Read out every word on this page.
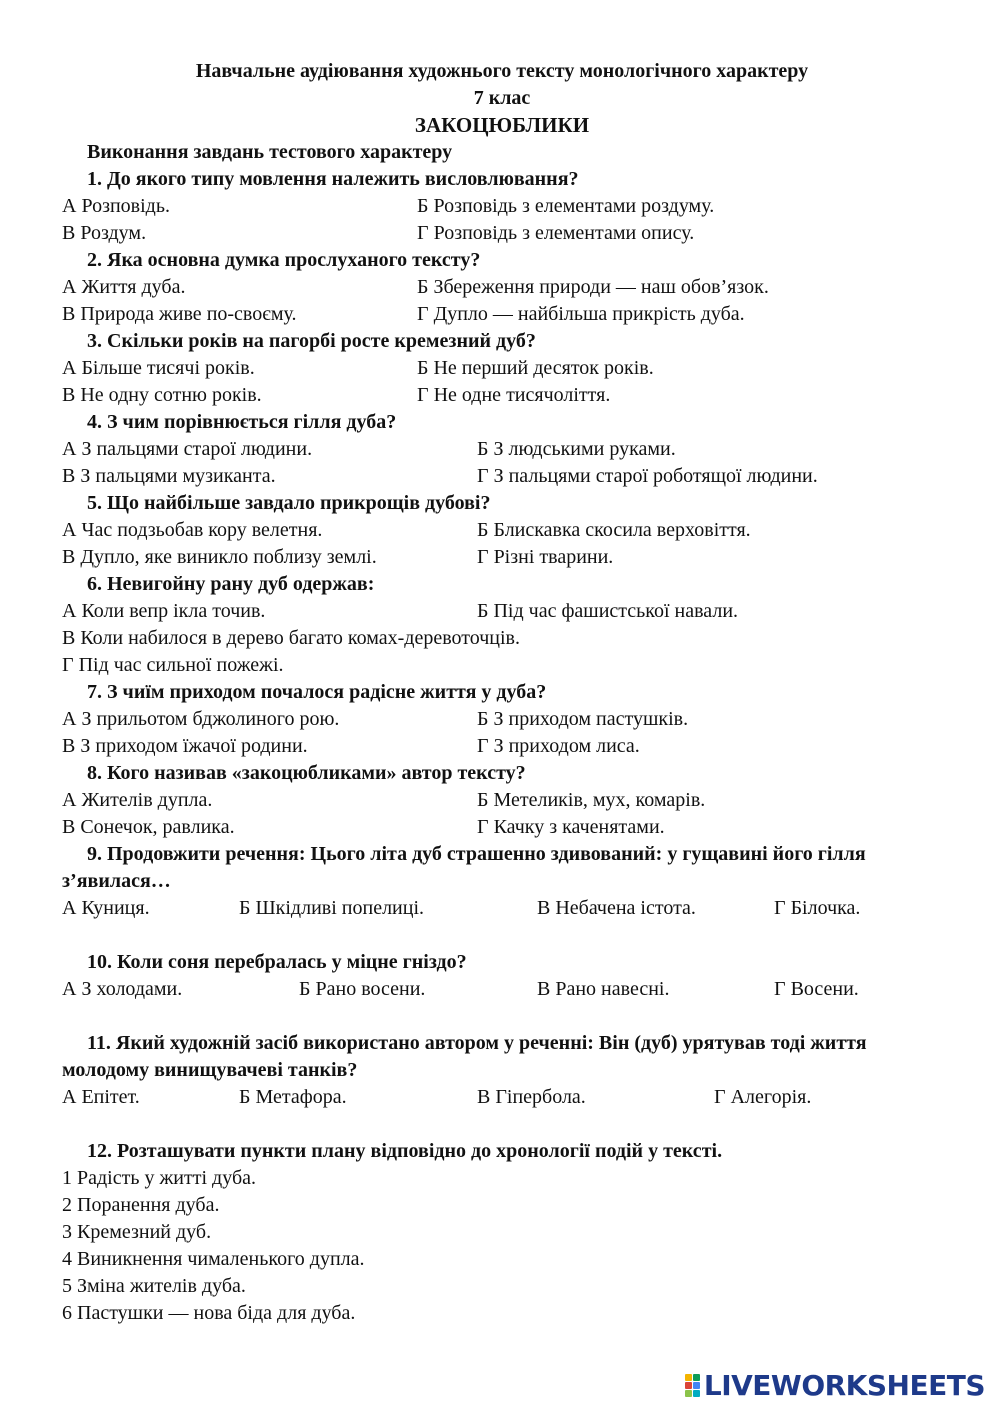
Навчальне аудіювання художнього тексту монологічного характеру
7 клас
ЗАКОЦЮБЛИКИ
Виконання завдань тестового характеру
1. До якого типу мовлення належить висловлювання?
А Розповідь.	Б Розповідь з елементами роздуму.
В Роздум.	Г Розповідь з елементами опису.
2. Яка основна думка прослуханого тексту?
А Життя дуба.	Б Збереження природи — наш обов’язок.
В Природа живе по-своєму.	Г Дупло — найбільша прикрість дуба.
3. Скільки років на пагорбі росте кремезний дуб?
А Більше тисячі років.	Б Не перший десяток років.
В Не одну сотню років.	Г Не одне тисячоліття.
4. З чим порівнюється гілля дуба?
А З пальцями старої людини.	Б З людськими руками.
В З пальцями музиканта.	Г З пальцями старої роботящої людини.
5. Що найбільше завдало прикрощів дубові?
А Час подзьобав кору велетня.	Б Блискавка скосила верховіття.
В Дупло, яке виникло поблизу землі.	Г Різні тварини.
6. Невигойну рану дуб одержав:
А Коли вепр ікла точив.	Б Під час фашистської навали.
В Коли набилося в дерево багато комах-деревоточців.
Г Під час сильної пожежі.
7. З чиїм приходом почалося радісне життя у дуба?
А З прильотом бджолиного рою.	Б З приходом пастушків.
В З приходом їжачої родини.	Г З приходом лиса.
8. Кого називав «закоцюбликами» автор тексту?
А Жителів дупла.	Б Метеликів, мух, комарів.
В Сонечок, равлика.	Г Качку з каченятами.
9. Продовжити речення: Цього літа дуб страшенно здивований: у гущавині його гілля з’явилася…
А Куниця.	Б Шкідливі попелиці.	В Небачена істота.	Г Білочка.
10. Коли соня перебралась у міцне гніздо?
А З холодами.	Б Рано восени.	В Рано навесні.	Г Восени.
11. Який художній засіб використано автором у реченні: Він (дуб) урятував тоді життя молодому винищувачеві танків?
А Епітет.	Б Метафора.	В Гіпербола.	Г Алегорія.
12. Розташувати пункти плану відповідно до хронології подій у тексті.
1 Радість у житті дуба.
2 Поранення дуба.
3 Кремезний дуб.
4 Виникнення чималенького дупла.
5 Зміна жителів дуба.
6 Пастушки — нова біда для дуба.
LIVEWORKSHEETS
